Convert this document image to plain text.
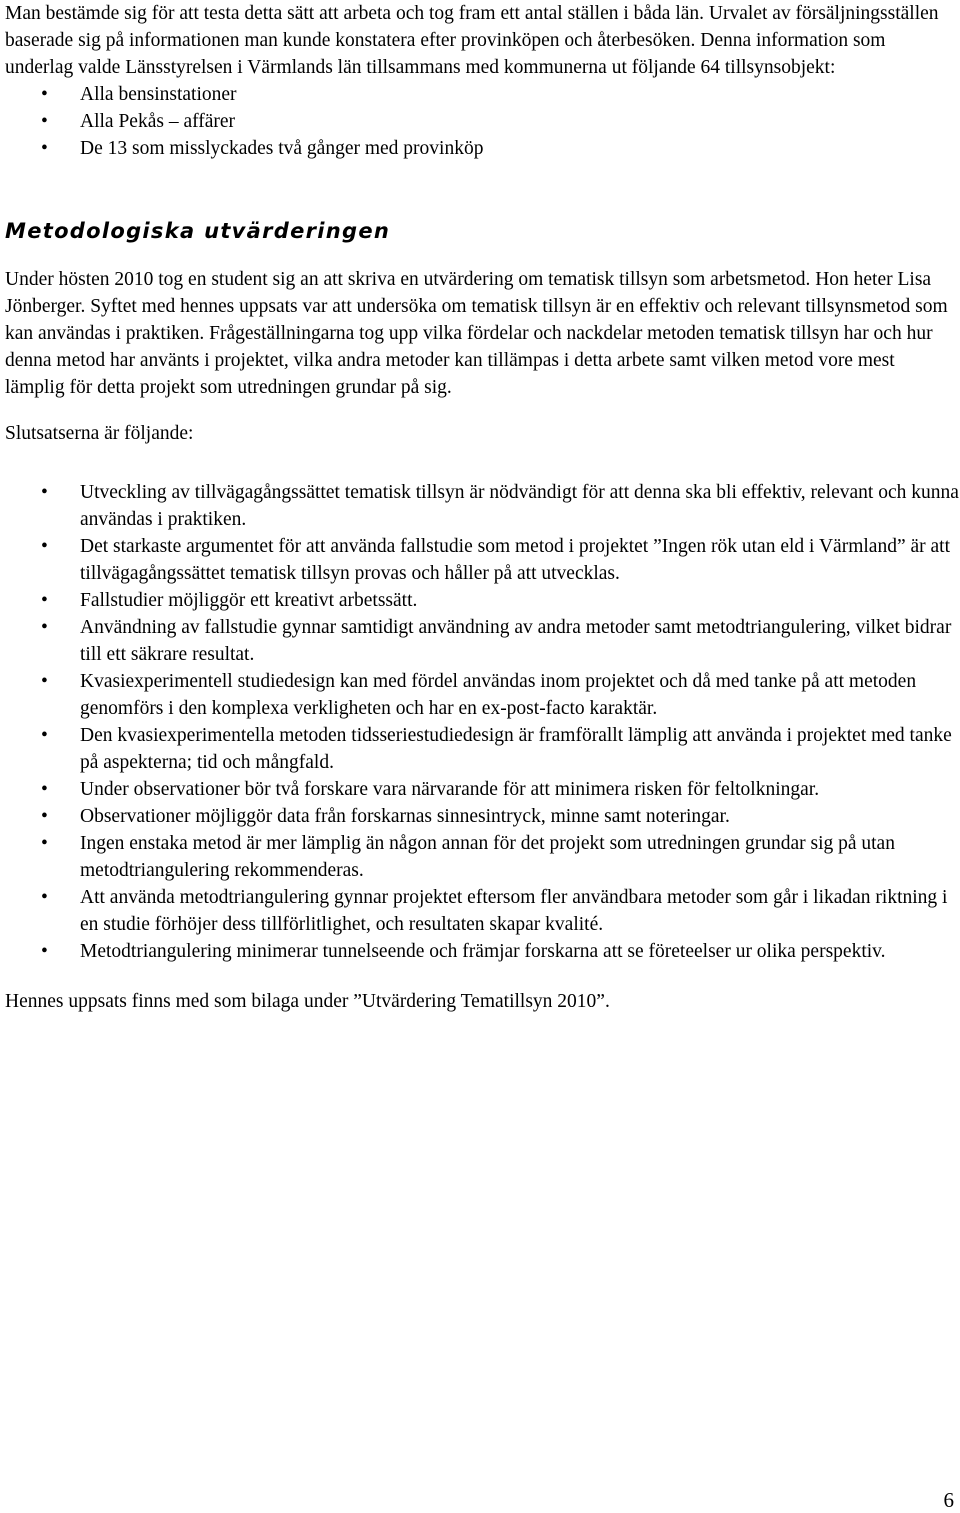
Man bestämde sig för att testa detta sätt att arbeta och tog fram ett antal ställen i båda län. Urvalet av försäljningsställen baserade sig på informationen man kunde konstatera efter provinköpen och återbesöken. Denna information som underlag valde Länsstyrelsen i Värmlands län tillsammans med kommunerna ut följande 64 tillsynsobjekt:

• Alla bensinstationer
• Alla Pekås – affärer
• De 13 som misslyckades två gånger med provinköp
Metodologiska utvärderingen

Under hösten 2010 tog en student sig an att skriva en utvärdering om tematisk tillsyn som arbetsmetod. Hon heter Lisa Jönberger. Syftet med hennes uppsats var att undersöka om tematisk tillsyn är en effektiv och relevant tillsynsmetod som kan användas i praktiken. Frågeställningarna tog upp vilka fördelar och nackdelar metoden tematisk tillsyn har och hur denna metod har använts i projektet, vilka andra metoder kan tillämpas i detta arbete samt vilken metod vore mest lämplig för detta projekt som utredningen grundar på sig.

Slutsatserna är följande:

• Utveckling av tillvägagångssättet tematisk tillsyn är nödvändigt för att denna ska bli effektiv, relevant och kunna användas i praktiken.
• Det starkaste argumentet för att använda fallstudie som metod i projektet ”Ingen rök utan eld i Värmland” är att tillvägagångssättet tematisk tillsyn provas och håller på att utvecklas.
• Fallstudier möjliggör ett kreativt arbetssätt.
• Användning av fallstudie gynnar samtidigt användning av andra metoder samt metodtriangulering, vilket bidrar till ett säkrare resultat.
• Kvasiexperimentell studiedesign kan med fördel användas inom projektet och då med tanke på att metoden genomförs i den komplexa verkligheten och har en ex-post-facto karaktär.
• Den kvasiexperimentella metoden tidsseriestudiedesign är framförallt lämplig att använda i projektet med tanke på aspekterna; tid och mångfald.
• Under observationer bör två forskare vara närvarande för att minimera risken för feltolkningar.
• Observationer möjliggör data från forskarnas sinnesintryck, minne samt noteringar.
• Ingen enstaka metod är mer lämplig än någon annan för det projekt som utredningen grundar sig på utan metodtriangulering rekommenderas.
• Att använda metodtriangulering gynnar projektet eftersom fler användbara metoder som går i likadan riktning i en studie förhöjer dess tillförlitlighet, och resultaten skapar kvalité.
• Metodtriangulering minimerar tunnelseende och främjar forskarna att se företeelser ur olika perspektiv.

Hennes uppsats finns med som bilaga under ”Utvärdering Tematillsyn 2010”.

6
